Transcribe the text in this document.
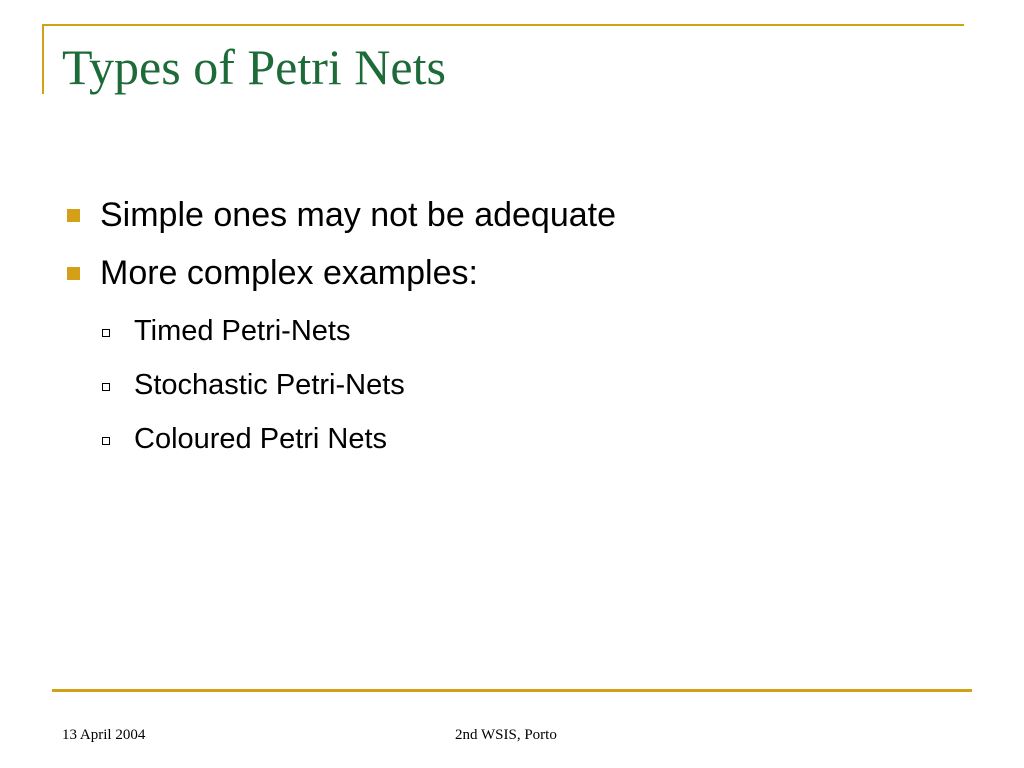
Types of Petri Nets
Simple ones may not be adequate
More complex examples:
Timed Petri-Nets
Stochastic Petri-Nets
Coloured Petri Nets
13 April 2004	2nd WSIS, Porto
